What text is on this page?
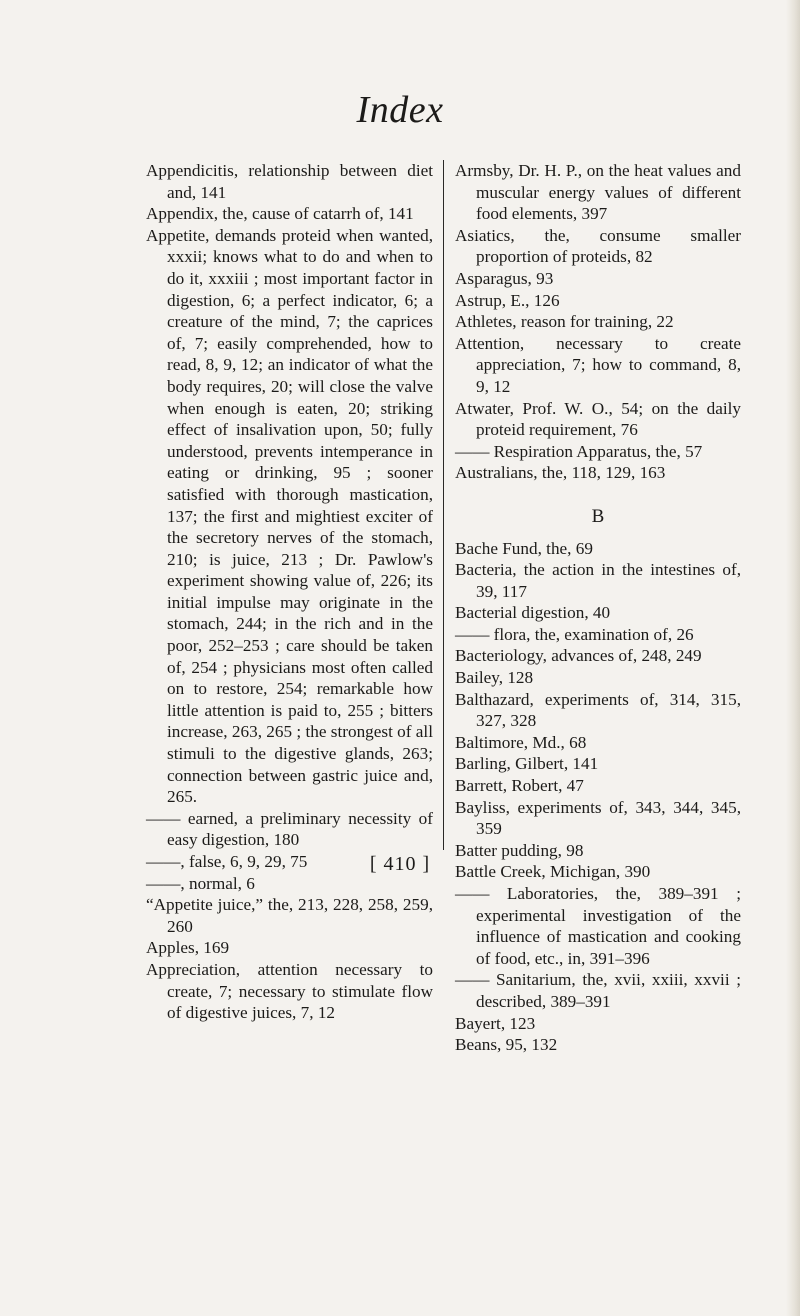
Index

Appendicitis, relationship between diet and, 141

Appendix, the, cause of catarrh of, 141

Appetite, demands proteid when wanted, xxxii; knows what to do and when to do it, xxxiii ; most important factor in digestion, 6; a perfect indicator, 6; a creature of the mind, 7; the caprices of, 7; easily comprehended, how to read, 8, 9, 12; an indicator of what the body requires, 20; will close the valve when enough is eaten, 20; striking effect of insalivation upon, 50; fully understood, prevents intemperance in eating or drinking, 95 ; sooner satisfied with thorough mastication, 137; the first and mightiest exciter of the secretory nerves of the stomach, 210; is juice, 213 ; Dr. Pawlow's experiment showing value of, 226; its initial impulse may originate in the stomach, 244; in the rich and in the poor, 252–253 ; care should be taken of, 254 ; physicians most often called on to restore, 254; remarkable how little attention is paid to, 255 ; bitters increase, 263, 265 ; the strongest of all stimuli to the digestive glands, 263; connection between gastric juice and, 265.

—— earned, a preliminary necessity of easy digestion, 180

——, false, 6, 9, 29, 75

——, normal, 6

“Appetite juice,” the, 213, 228, 258, 259, 260

Apples, 169

Appreciation, attention necessary to create, 7; necessary to stimulate flow of digestive juices, 7, 12

Armsby, Dr. H. P., on the heat values and muscular energy values of different food elements, 397

Asiatics, the, consume smaller proportion of proteids, 82

Asparagus, 93

Astrup, E., 126

Athletes, reason for training, 22

Attention, necessary to create appreciation, 7; how to command, 8, 9, 12

Atwater, Prof. W. O., 54; on the daily proteid requirement, 76

—— Respiration Apparatus, the, 57

Australians, the, 118, 129, 163

B

Bache Fund, the, 69

Bacteria, the action in the intestines of, 39, 117

Bacterial digestion, 40

—— flora, the, examination of, 26

Bacteriology, advances of, 248, 249

Bailey, 128

Balthazard, experiments of, 314, 315, 327, 328

Baltimore, Md., 68

Barling, Gilbert, 141

Barrett, Robert, 47

Bayliss, experiments of, 343, 344, 345, 359

Batter pudding, 98

Battle Creek, Michigan, 390

—— Laboratories, the, 389–391 ; experimental investigation of the influence of mastication and cooking of food, etc., in, 391–396

—— Sanitarium, the, xvii, xxiii, xxvii ; described, 389–391

Bayert, 123

Beans, 95, 132

[ 410 ]
